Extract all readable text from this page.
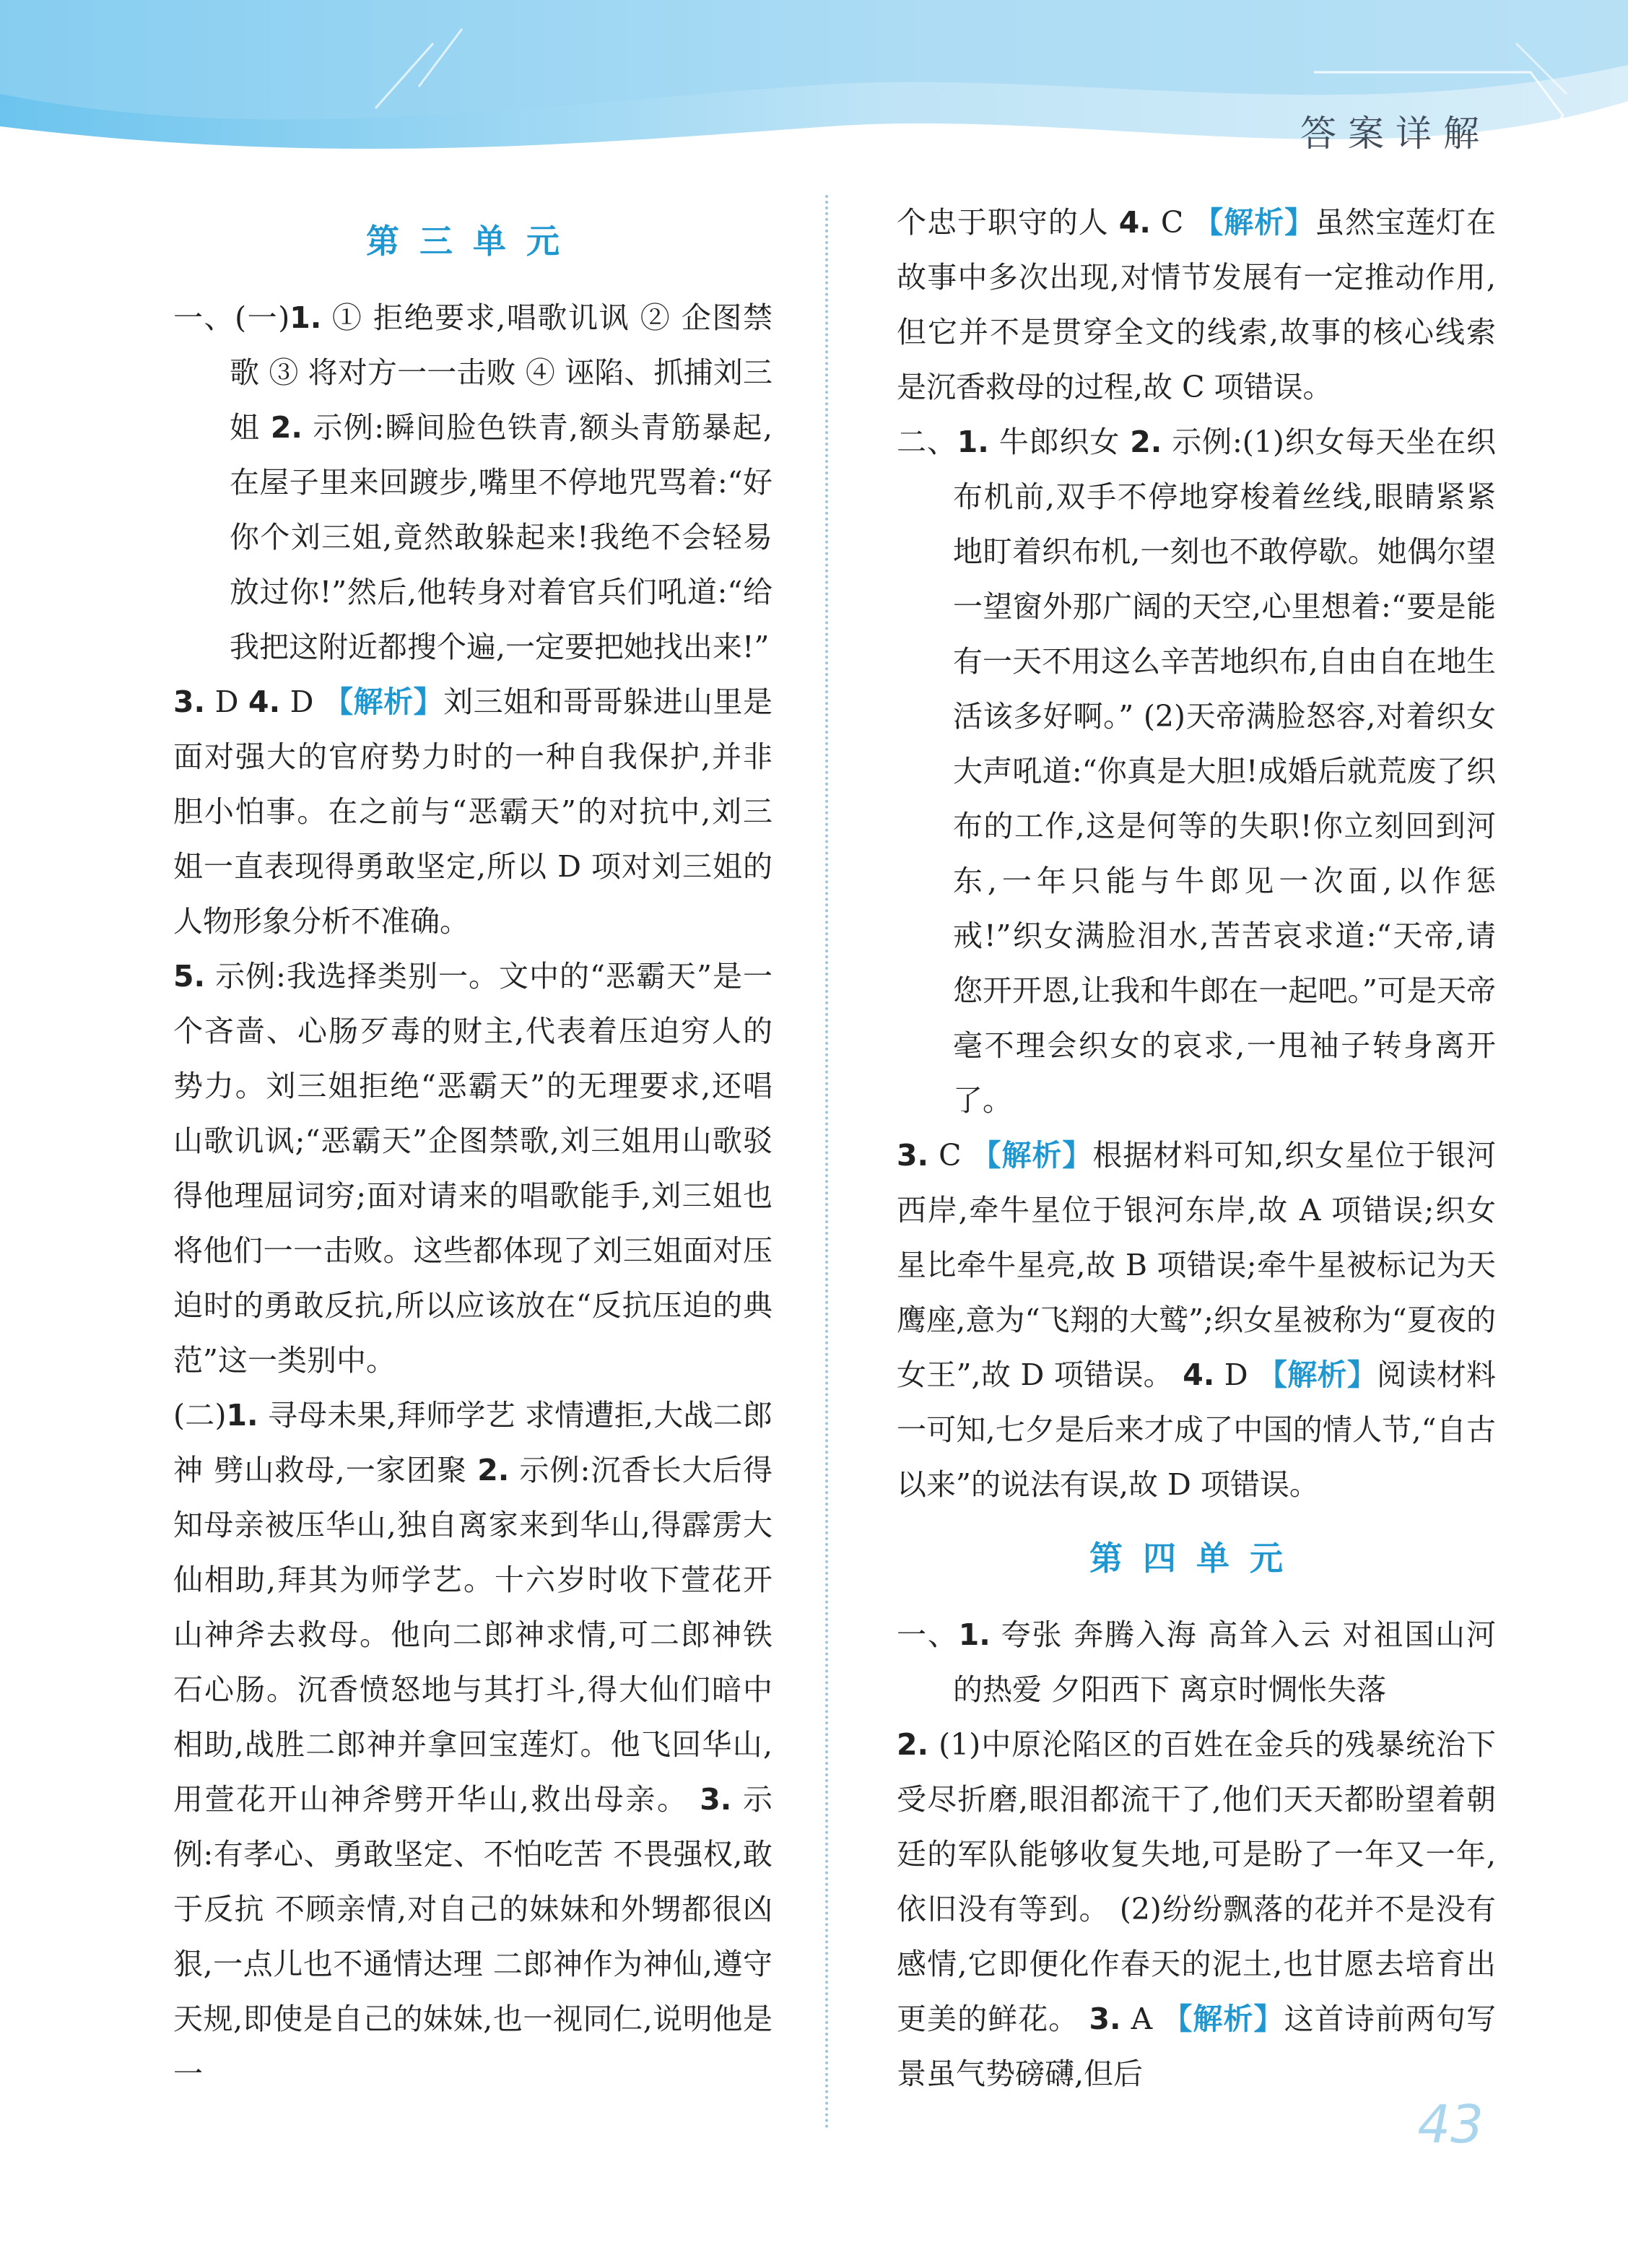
答案详解
第三单元

一、(一)1. ① 拒绝要求,唱歌讥讽 ② 企图禁歌 ③ 将对方一一击败 ④ 诬陷、抓捕刘三姐 2. 示例:瞬间脸色铁青,额头青筋暴起,在屋子里来回踱步,嘴里不停地咒骂着:“好你个刘三姐,竟然敢躲起来!我绝不会轻易放过你!”然后,他转身对着官兵们吼道:“给我把这附近都搜个遍,一定要把她找出来!”

3. D 4. D 【解析】刘三姐和哥哥躲进山里是面对强大的官府势力时的一种自我保护,并非胆小怕事。在之前与“恶霸天”的对抗中,刘三姐一直表现得勇敢坚定,所以 D 项对刘三姐的人物形象分析不准确。

5. 示例:我选择类别一。文中的“恶霸天”是一个吝啬、心肠歹毒的财主,代表着压迫穷人的势力。刘三姐拒绝“恶霸天”的无理要求,还唱山歌讥讽;“恶霸天”企图禁歌,刘三姐用山歌驳得他理屈词穷;面对请来的唱歌能手,刘三姐也将他们一一击败。这些都体现了刘三姐面对压迫时的勇敢反抗,所以应该放在“反抗压迫的典范”这一类别中。

(二)1. 寻母未果,拜师学艺 求情遭拒,大战二郎神 劈山救母,一家团聚 2. 示例:沉香长大后得知母亲被压华山,独自离家来到华山,得霹雳大仙相助,拜其为师学艺。十六岁时收下萱花开山神斧去救母。他向二郎神求情,可二郎神铁石心肠。沉香愤怒地与其打斗,得大仙们暗中相助,战胜二郎神并拿回宝莲灯。他飞回华山,用萱花开山神斧劈开华山,救出母亲。 3. 示例:有孝心、勇敢坚定、不怕吃苦 不畏强权,敢于反抗 不顾亲情,对自己的妹妹和外甥都很凶狠,一点儿也不通情达理 二郎神作为神仙,遵守天规,即使是自己的妹妹,也一视同仁,说明他是一

个忠于职守的人 4. C 【解析】虽然宝莲灯在故事中多次出现,对情节发展有一定推动作用,但它并不是贯穿全文的线索,故事的核心线索是沉香救母的过程,故 C 项错误。

二、1. 牛郎织女 2. 示例:(1)织女每天坐在织布机前,双手不停地穿梭着丝线,眼睛紧紧地盯着织布机,一刻也不敢停歇。她偶尔望一望窗外那广阔的天空,心里想着:“要是能有一天不用这么辛苦地织布,自由自在地生活该多好啊。” (2)天帝满脸怒容,对着织女大声吼道:“你真是大胆!成婚后就荒废了织布的工作,这是何等的失职!你立刻回到河东,一年只能与牛郎见一次面,以作惩戒!”织女满脸泪水,苦苦哀求道:“天帝,请您开开恩,让我和牛郎在一起吧。”可是天帝毫不理会织女的哀求,一甩袖子转身离开了。

3. C 【解析】根据材料可知,织女星位于银河西岸,牵牛星位于银河东岸,故 A 项错误;织女星比牵牛星亮,故 B 项错误;牵牛星被标记为天鹰座,意为“飞翔的大鹫”;织女星被称为“夏夜的女王”,故 D 项错误。 4. D 【解析】阅读材料一可知,七夕是后来才成了中国的情人节,“自古以来”的说法有误,故 D 项错误。

第四单元

一、1. 夸张 奔腾入海 高耸入云 对祖国山河的热爱 夕阳西下 离京时惆怅失落

2. (1)中原沦陷区的百姓在金兵的残暴统治下受尽折磨,眼泪都流干了,他们天天都盼望着朝廷的军队能够收复失地,可是盼了一年又一年,依旧没有等到。 (2)纷纷飘落的花并不是没有感情,它即便化作春天的泥土,也甘愿去培育出更美的鲜花。 3. A 【解析】这首诗前两句写景虽气势磅礴,但后

43
